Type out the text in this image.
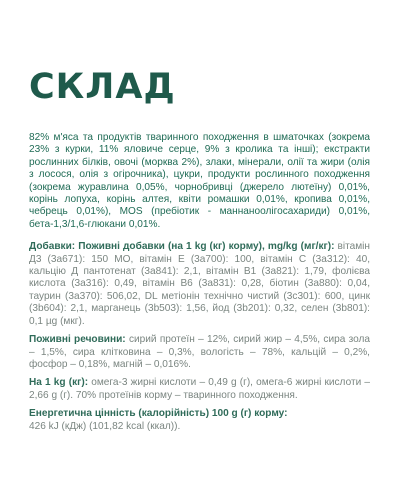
СКЛАД

82% м'яса та продуктів тваринного походження в шматочках (зокрема 23% з курки, 11% яловиче серце, 9% з кролика та інші); екстракти рослинних білків, овочі (морква 2%), злаки, мінерали, олії та жири (олія з лосося, олія з огірочника), цукри, продукти рослинного походження (зокрема журавлина 0,05%, чорнобривці (джерело лютеїну) 0,01%, корінь лопуха, корінь алтея, квіти ромашки 0,01%, кропива 0,01%, чебрець 0,01%), MOS (пребіотик - маннаноолігосахариди) 0,01%, бета-1,3/1,6-глюкани 0,01%.

Добавки: Поживні добавки (на 1 kg (кг) корму), mg/kg (мг/кг): вітамін Д3 (3a671): 150 МО, вітамін Е (3a700): 100, вітамін С (3a312): 40, кальцію Д пантотенат (3a841): 2,1, вітамін В1 (3a821): 1,79, фолієва кислота (3a316): 0,49, вітамін В6 (3a831): 0,28, біотин (3a880): 0,04, таурин (3a370): 506,02, DL метіонін технічно чистий (3c301): 600, цинк (3b604): 2,1, марганець (3b503): 1,56, йод (3b201): 0,32, селен (3b801): 0,1 µg (мкг).

Поживні речовини: сирий протеїн – 12%, сирий жир – 4,5%, сира зола – 1,5%, сира клітковина – 0,3%, вологість – 78%, кальцій – 0,2%, фосфор – 0,18%, магній – 0,016%.

На 1 kg (кг): омега-3 жирні кислоти – 0,49 g (г), омега-6 жирні кислоти – 2,66 g (г). 70% протеїнів корму – тваринного походження.

Енергетична цінність (калорійність) 100 g (г) корму:
426 kJ (кДж) (101,82 kcal (ккал)).
